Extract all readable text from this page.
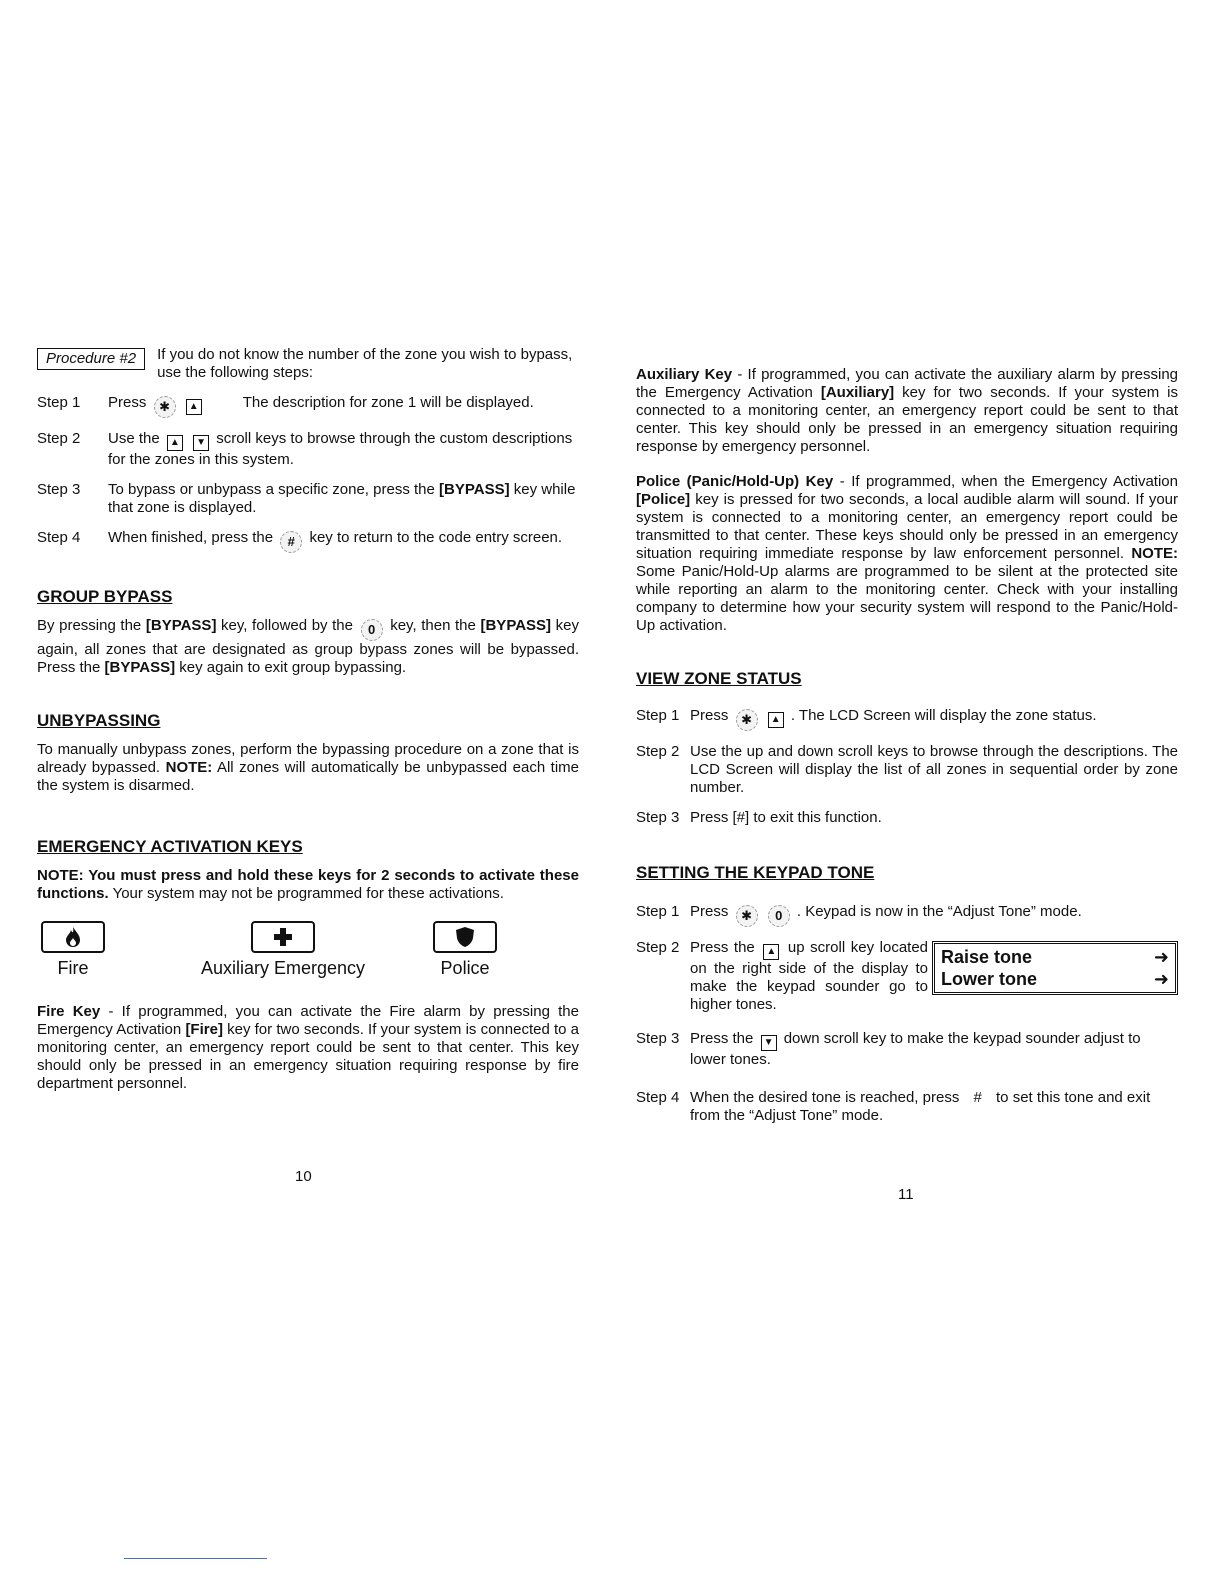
Procedure #2	If you do not know the number of the zone you wish to bypass, use the following steps:
Step 1	Press ✱ ▲	The description for zone 1 will be displayed.
Step 2	Use the ▲ ▼ scroll keys to browse through the custom descriptions for the zones in this system.
Step 3	To bypass or unbypass a specific zone, press the [BYPASS] key while that zone is displayed.
Step 4	When finished, press the # key to return to the code entry screen.
GROUP BYPASS

By pressing the [BYPASS] key, followed by the 0 key, then the [BYPASS] key again, all zones that are designated as group bypass zones will be bypassed. Press the [BYPASS] key again to exit group bypassing.

UNBYPASSING

To manually unbypass zones, perform the bypassing procedure on a zone that is already bypassed. NOTE: All zones will automatically be unbypassed each time the system is disarmed.

EMERGENCY ACTIVATION KEYS

NOTE: You must press and hold these keys for 2 seconds to activate these functions. Your system may not be programmed for these activations.

Fire	Auxiliary Emergency	Police

Fire Key - If programmed, you can activate the Fire alarm by pressing the Emergency Activation [Fire] key for two seconds. If your system is connected to a monitoring center, an emergency report could be sent to that center. This key should only be pressed in an emergency situation requiring response by fire department personnel.

10

Auxiliary Key - If programmed, you can activate the auxiliary alarm by pressing the Emergency Activation [Auxiliary] key for two seconds. If your system is connected to a monitoring center, an emergency report could be sent to that center. This key should only be pressed in an emergency situation requiring response by emergency personnel.

Police (Panic/Hold-Up) Key - If programmed, when the Emergency Activation [Police] key is pressed for two seconds, a local audible alarm will sound. If your system is connected to a monitoring center, an emergency report could be transmitted to that center. These keys should only be pressed in an emergency situation requiring immediate response by law enforcement personnel. NOTE: Some Panic/Hold-Up alarms are programmed to be silent at the protected site while reporting an alarm to the monitoring center. Check with your installing company to determine how your security system will respond to the Panic/Hold-Up activation.

VIEW ZONE STATUS
Step 1 Press ✱ ▲ . The LCD Screen will display the zone status.
Step 2 Use the up and down scroll keys to browse through the descriptions. The LCD Screen will display the list of all zones in sequential order by zone number.
Step 3 Press [#] to exit this function.
SETTING THE KEYPAD TONE
Step 1 Press ✱ 0 . Keypad is now in the “Adjust Tone” mode.
Step 2 Press the ▲ up scroll key located on the right side of the display to make the keypad sounder go to higher tones.
Raise tone	➜
Lower tone	➜
Step 3 Press the ▼ down scroll key to make the keypad sounder adjust to lower tones.
Step 4 When the desired tone is reached, press # to set this tone and exit from the “Adjust Tone” mode.
11
